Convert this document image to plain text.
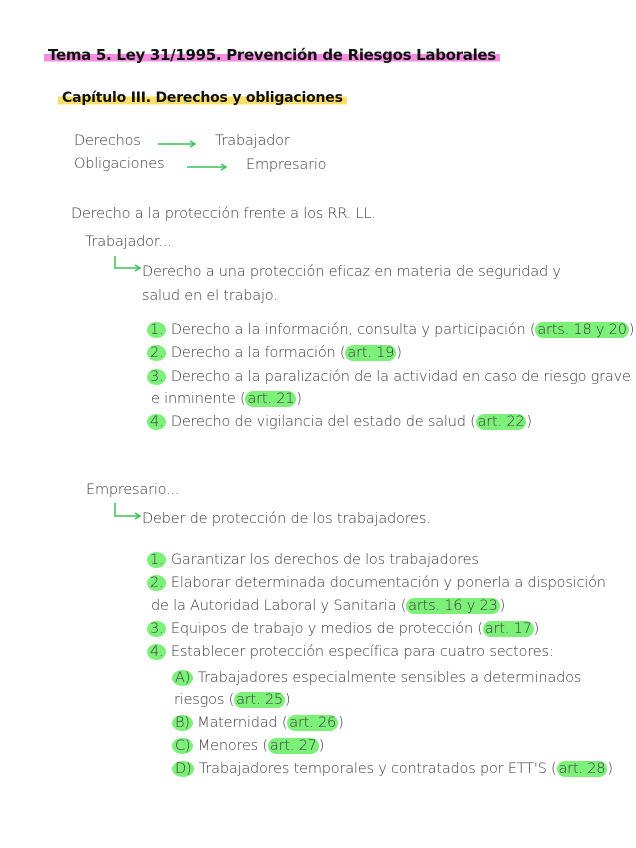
Tema 5. Ley 31/1995. Prevención de Riesgos Laborales
Capítulo III. Derechos y obligaciones
Derechos	Trabajador
Obligaciones	Empresario
Derecho a la protección frente a los RR. LL.
Trabajador...
Derecho a una protección eficaz en materia de seguridad y
salud en el trabajo.
1. Derecho a la información, consulta y participación ( arts. 18 y 20 )
2. Derecho a la formación ( art. 19 )
3. Derecho a la paralización de la actividad en caso de riesgo grave
e inminente ( art. 21 )
4. Derecho de vigilancia del estado de salud ( art. 22 )
Empresario...
Deber de protección de los trabajadores.
1. Garantizar los derechos de los trabajadores
2. Elaborar determinada documentación y ponerla a disposición
de la Autoridad Laboral y Sanitaria ( arts. 16 y 23 )
3. Equipos de trabajo y medios de protección ( art. 17 )
4. Establecer protección específica para cuatro sectores:
A) Trabajadores especialmente sensibles a determinados
riesgos ( art. 25 )
B) Maternidad ( art. 26 )
C) Menores ( art. 27 )
D) Trabajadores temporales y contratados por ETT'S ( art. 28 )
